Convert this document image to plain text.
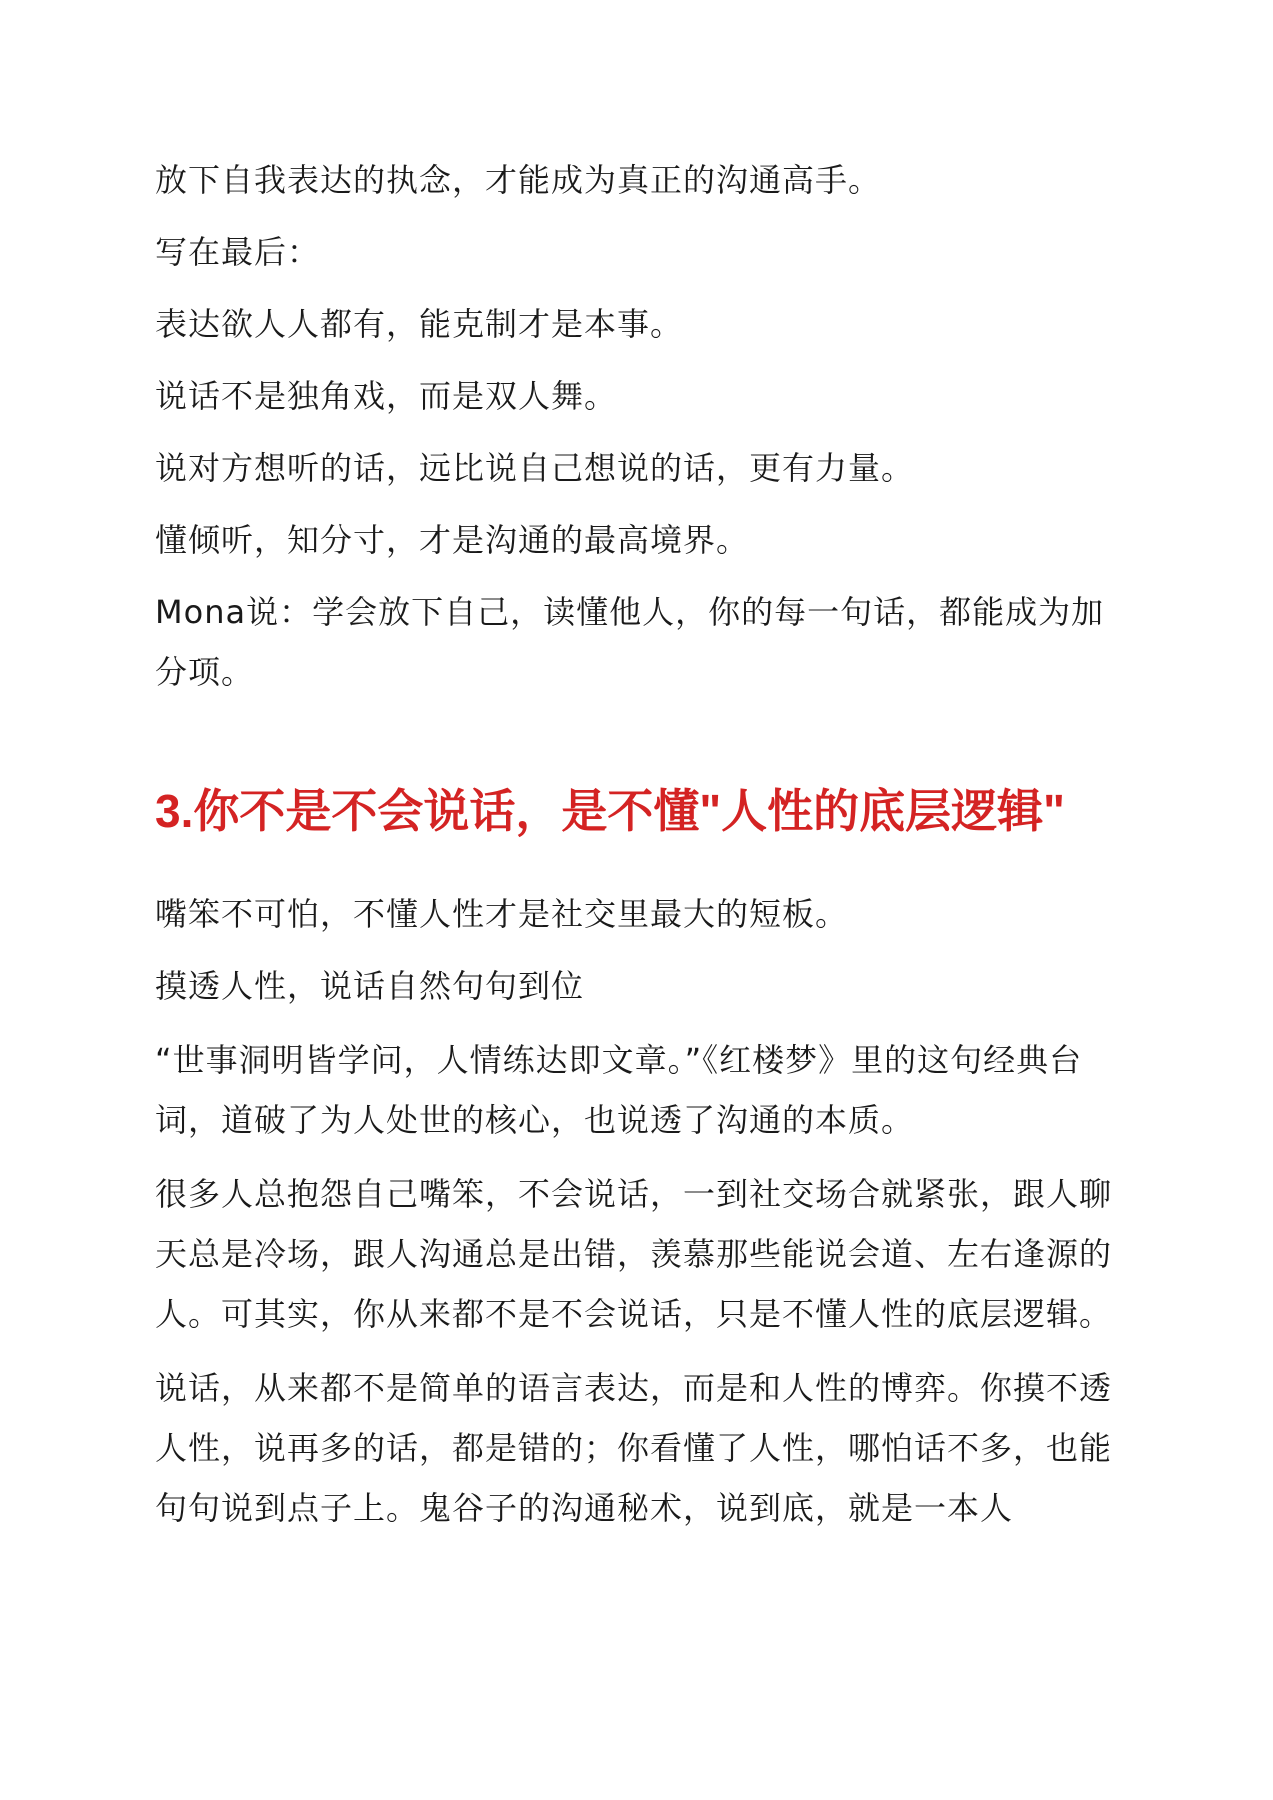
放下自我表达的执念，才能成为真正的沟通高手。

写在最后：

表达欲人人都有，能克制才是本事。

说话不是独角戏，而是双人舞。

说对方想听的话，远比说自己想说的话，更有力量。

懂倾听，知分寸，才是沟通的最高境界。

Mona说：学会放下自己，读懂他人，你的每一句话，都能成为加分项。

3.你不是不会说话，是不懂"人性的底层逻辑"

嘴笨不可怕，不懂人性才是社交里最大的短板。

摸透人性，说话自然句句到位

“世事洞明皆学问，人情练达即文章。”《红楼梦》里的这句经典台词，道破了为人处世的核心，也说透了沟通的本质。

很多人总抱怨自己嘴笨，不会说话，一到社交场合就紧张，跟人聊天总是冷场，跟人沟通总是出错，羡慕那些能说会道、左右逢源的人。可其实，你从来都不是不会说话，只是不懂人性的底层逻辑。

说话，从来都不是简单的语言表达，而是和人性的博弈。你摸不透人性，说再多的话，都是错的；你看懂了人性，哪怕话不多，也能句句说到点子上。鬼谷子的沟通秘术，说到底，就是一本人
